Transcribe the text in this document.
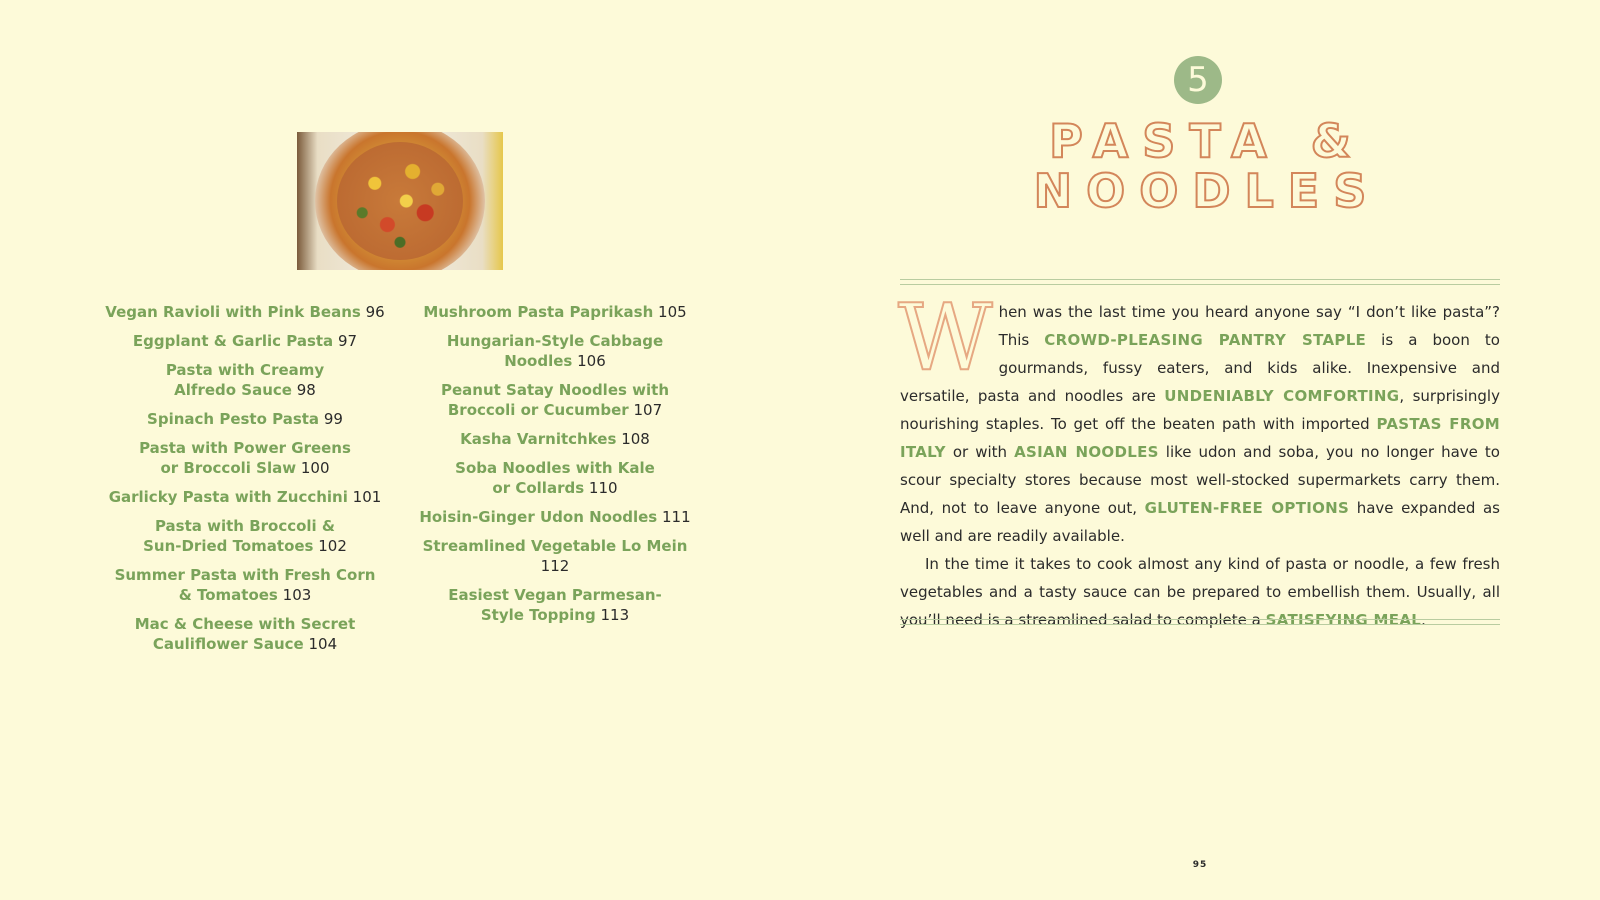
Vegan Ravioli with Pink Beans 96
Eggplant & Garlic Pasta 97
Pasta with Creamy
Alfredo Sauce 98
Spinach Pesto Pasta 99
Pasta with Power Greens
or Broccoli Slaw 100
Garlicky Pasta with Zucchini 101
Pasta with Broccoli &
Sun-Dried Tomatoes 102
Summer Pasta with Fresh Corn
& Tomatoes 103
Mac & Cheese with Secret
Cauliflower Sauce 104
Mushroom Pasta Paprikash 105
Hungarian-Style Cabbage
Noodles 106
Peanut Satay Noodles with
Broccoli or Cucumber 107
Kasha Varnitchkes 108
Soba Noodles with Kale
or Collards 110
Hoisin-Ginger Udon Noodles 111
Streamlined Vegetable Lo Mein 112
Easiest Vegan Parmesan-
Style Topping 113
5
PASTA &
NOODLES

When was the last time you heard anyone say “I don’t like pasta”? This CROWD-PLEASING PANTRY STAPLE is a boon to gourmands, fussy eaters, and kids alike. Inexpensive and versatile, pasta and noodles are UNDENIABLY COMFORTING, surprisingly nourishing staples. To get off the beaten path with imported PASTAS FROM ITALY or with ASIAN NOODLES like udon and soba, you no longer have to scour specialty stores because most well-stocked supermarkets carry them. And, not to leave anyone out, GLUTEN-FREE OPTIONS have expanded as well and are readily available.

In the time it takes to cook almost any kind of pasta or noodle, a few fresh vegetables and a tasty sauce can be prepared to embellish them. Usually, all you’ll need is a streamlined salad to complete a SATISFYING MEAL.

95
